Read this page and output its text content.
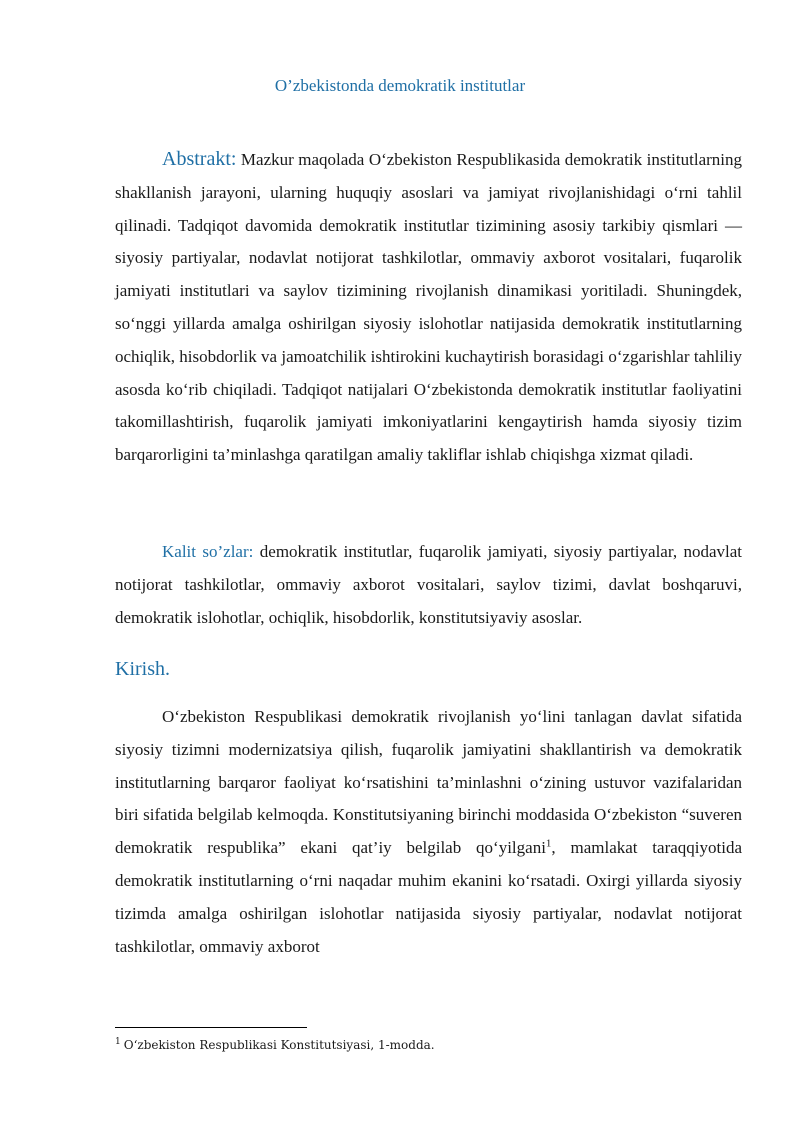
O’zbekistonda demokratik institutlar

Abstrakt: Mazkur maqolada O‘zbekiston Respublikasida demokratik institutlarning shakllanish jarayoni, ularning huquqiy asoslari va jamiyat rivojlanishidagi o‘rni tahlil qilinadi. Tadqiqot davomida demokratik institutlar tizimining asosiy tarkibiy qismlari — siyosiy partiyalar, nodavlat notijorat tashkilotlar, ommaviy axborot vositalari, fuqarolik jamiyati institutlari va saylov tizimining rivojlanish dinamikasi yoritiladi. Shuningdek, so‘nggi yillarda amalga oshirilgan siyosiy islohotlar natijasida demokratik institutlarning ochiqlik, hisobdorlik va jamoatchilik ishtirokini kuchaytirish borasidagi o‘zgarishlar tahliliy asosda ko‘rib chiqiladi. Tadqiqot natijalari O‘zbekistonda demokratik institutlar faoliyatini takomillashtirish, fuqarolik jamiyati imkoniyatlarini kengaytirish hamda siyosiy tizim barqarorligini ta’minlashga qaratilgan amaliy takliflar ishlab chiqishga xizmat qiladi.

Kalit so’zlar: demokratik institutlar, fuqarolik jamiyati, siyosiy partiyalar, nodavlat notijorat tashkilotlar, ommaviy axborot vositalari, saylov tizimi, davlat boshqaruvi, demokratik islohotlar, ochiqlik, hisobdorlik, konstitutsiyaviy asoslar.

Kirish.

O‘zbekiston Respublikasi demokratik rivojlanish yo‘lini tanlagan davlat sifatida siyosiy tizimni modernizatsiya qilish, fuqarolik jamiyatini shakllantirish va demokratik institutlarning barqaror faoliyat ko‘rsatishini ta’minlashni o‘zining ustuvor vazifalaridan biri sifatida belgilab kelmoqda. Konstitutsiyaning birinchi moddasida O‘zbekiston “suveren demokratik respublika” ekani qat’iy belgilab qo‘yilgani$^1$, mamlakat taraqqiyotida demokratik institutlarning o‘rni naqadar muhim ekanini ko‘rsatadi. Oxirgi yillarda siyosiy tizimda amalga oshirilgan islohotlar natijasida siyosiy partiyalar, nodavlat notijorat tashkilotlar, ommaviy axborot

$^1$ O‘zbekiston Respublikasi Konstitutsiyasi, 1-modda.
